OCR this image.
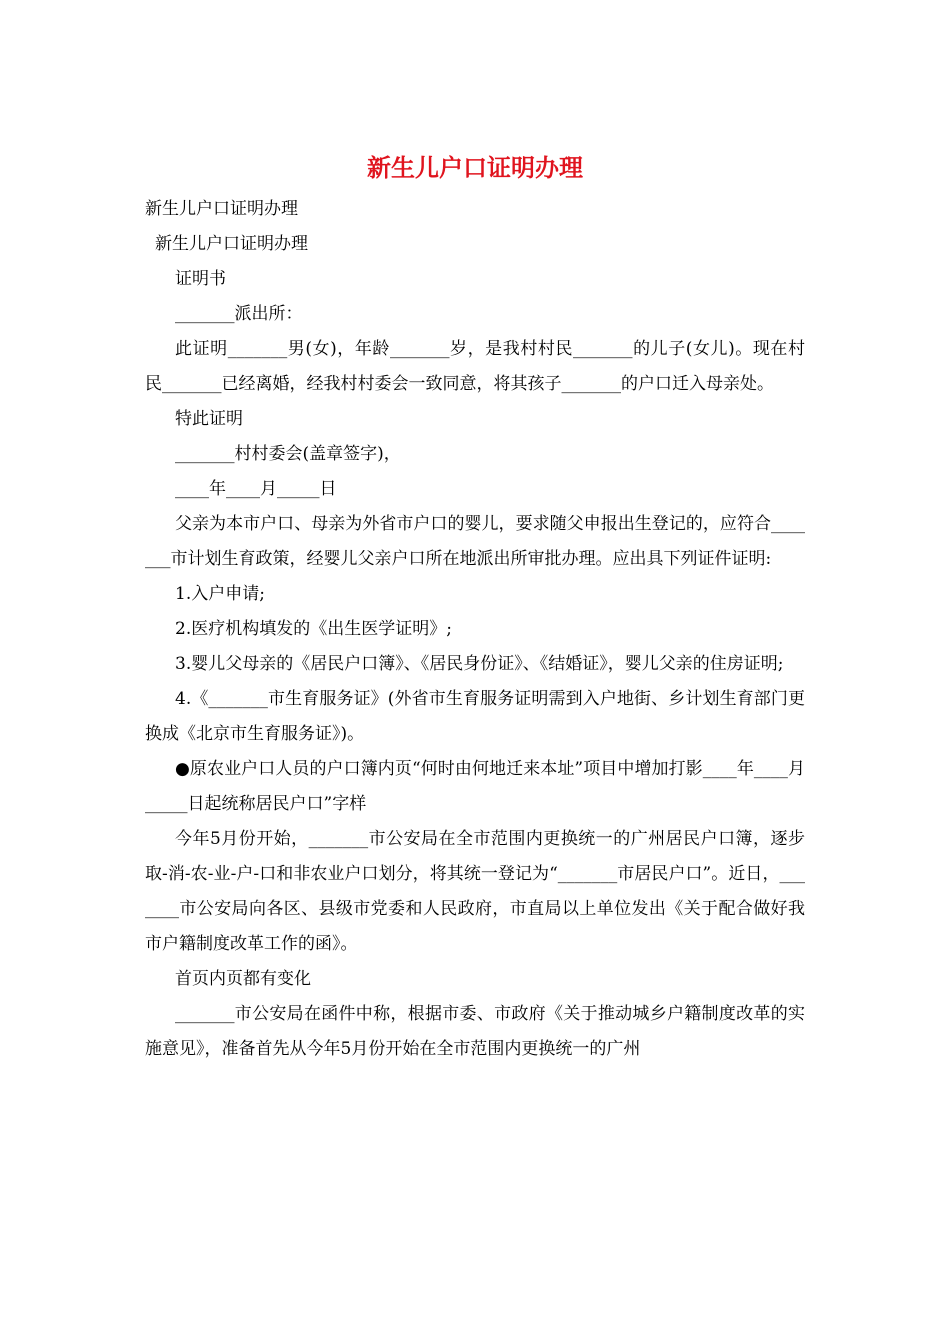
新生儿户口证明办理

新生儿户口证明办理

新生儿户口证明办理

证明书

_______派出所：

此证明_______男(女)，年龄_______岁，是我村村民_______的儿子(女儿)。现在村民_______已经离婚，经我村村委会一致同意，将其孩子_______的户口迁入母亲处。

特此证明

_______村村委会(盖章签字)，

____年____月_____日

父亲为本市户口、母亲为外省市户口的婴儿，要求随父申报出生登记的，应符合_______市计划生育政策，经婴儿父亲户口所在地派出所审批办理。应出具下列证件证明:

1.入户申请;

2.医疗机构填发的《出生医学证明》;

3.婴儿父母亲的《居民户口簿》、《居民身份证》、《结婚证》，婴儿父亲的住房证明;

4.《_______市生育服务证》(外省市生育服务证明需到入户地街、乡计划生育部门更换成《北京市生育服务证》)。

●原农业户口人员的户口簿内页“何时由何地迁来本址”项目中增加打影____年____月_____日起统称居民户口”字样

今年5月份开始，_______市公安局在全市范围内更换统一的广州居民户口簿，逐步取-消-农-业-户-口和非农业户口划分，将其统一登记为“_______市居民户口”。近日，_______市公安局向各区、县级市党委和人民政府，市直局以上单位发出《关于配合做好我市户籍制度改革工作的函》。

首页内页都有变化

_______市公安局在函件中称，根据市委、市政府《关于推动城乡户籍制度改革的实施意见》，准备首先从今年5月份开始在全市范围内更换统一的广州
